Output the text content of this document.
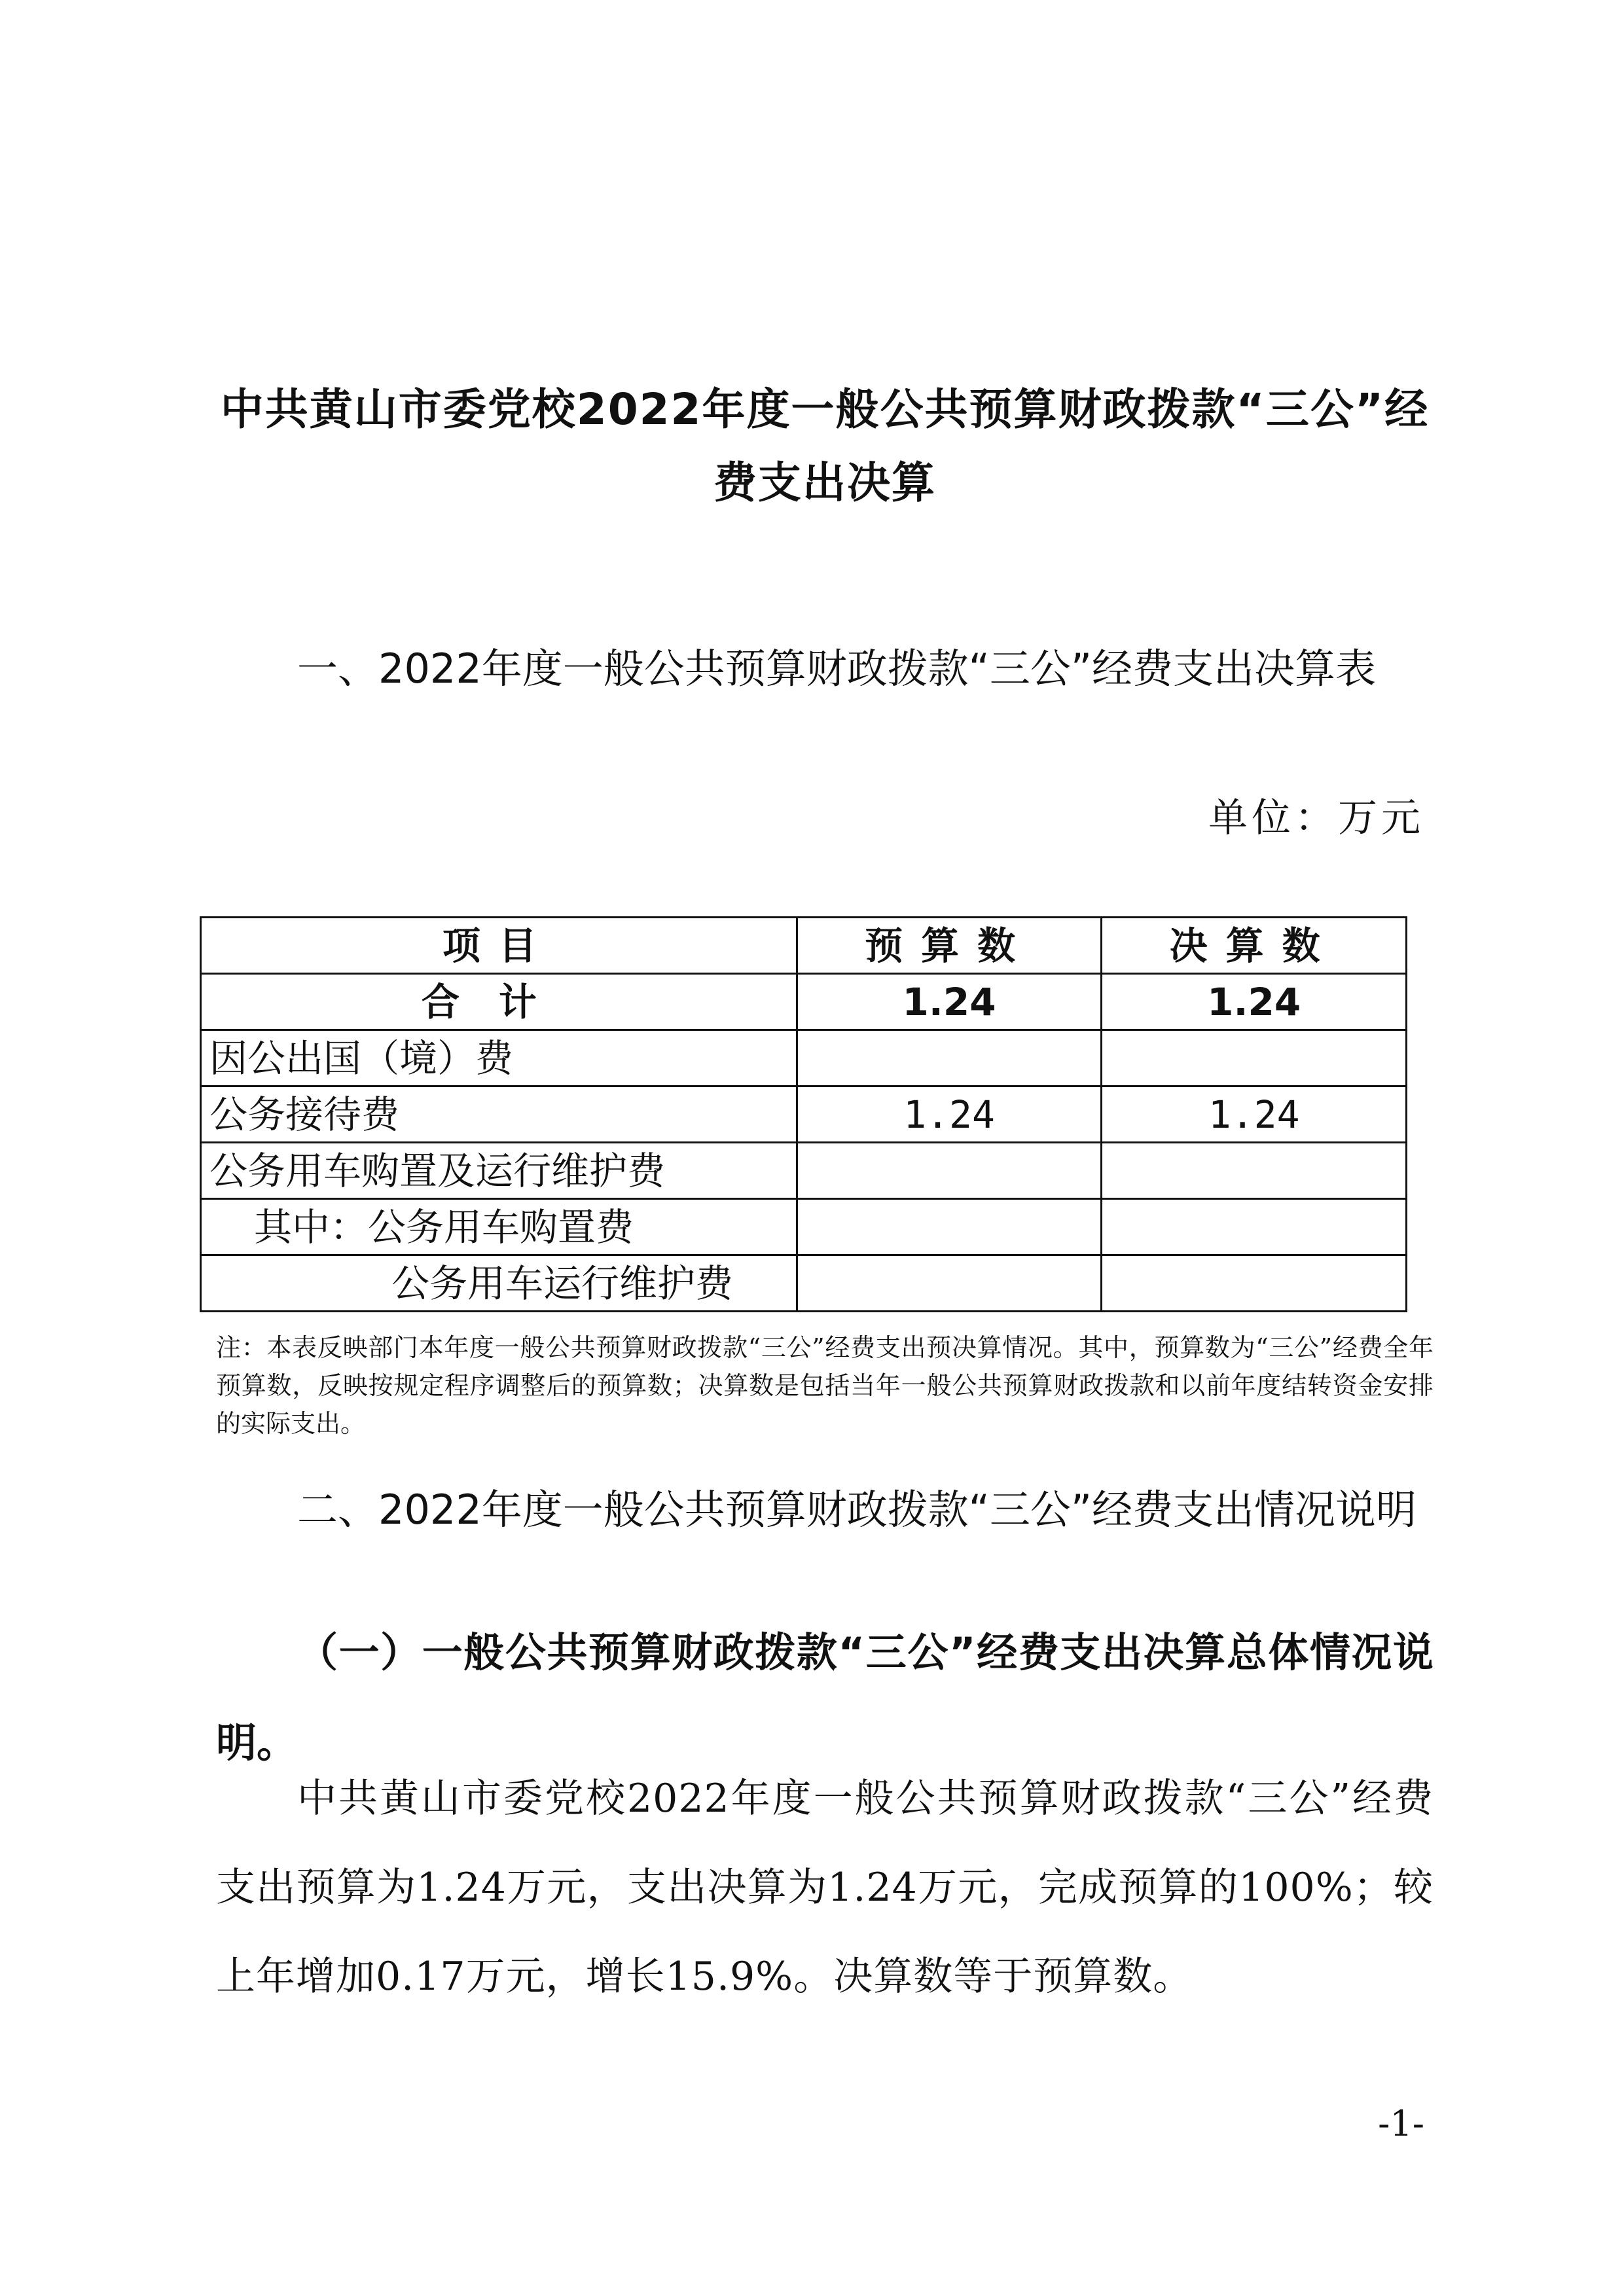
中共黄山市委党校2022年度一般公共预算财政拨款“三公”经费支出决算

一、2022年度一般公共预算财政拨款“三公”经费支出决算表

单位：万元
项目	预算数	决算数
合计	1.24	1.24
因公出国（境）费		
公务接待费	1.24	1.24
公务用车购置及运行维护费		
其中：公务用车购置费		
公务用车运行维护费		

注：本表反映部门本年度一般公共预算财政拨款“三公”经费支出预决算情况。其中，预算数为“三公”经费全年预算数，反映按规定程序调整后的预算数；决算数是包括当年一般公共预算财政拨款和以前年度结转资金安排的实际支出。

二、2022年度一般公共预算财政拨款“三公”经费支出情况说明

（一）一般公共预算财政拨款“三公”经费支出决算总体情况说明。

中共黄山市委党校2022年度一般公共预算财政拨款“三公”经费支出预算为1.24万元，支出决算为1.24万元，完成预算的100%；较上年增加0.17万元，增长15.9%。决算数等于预算数。

-1-
